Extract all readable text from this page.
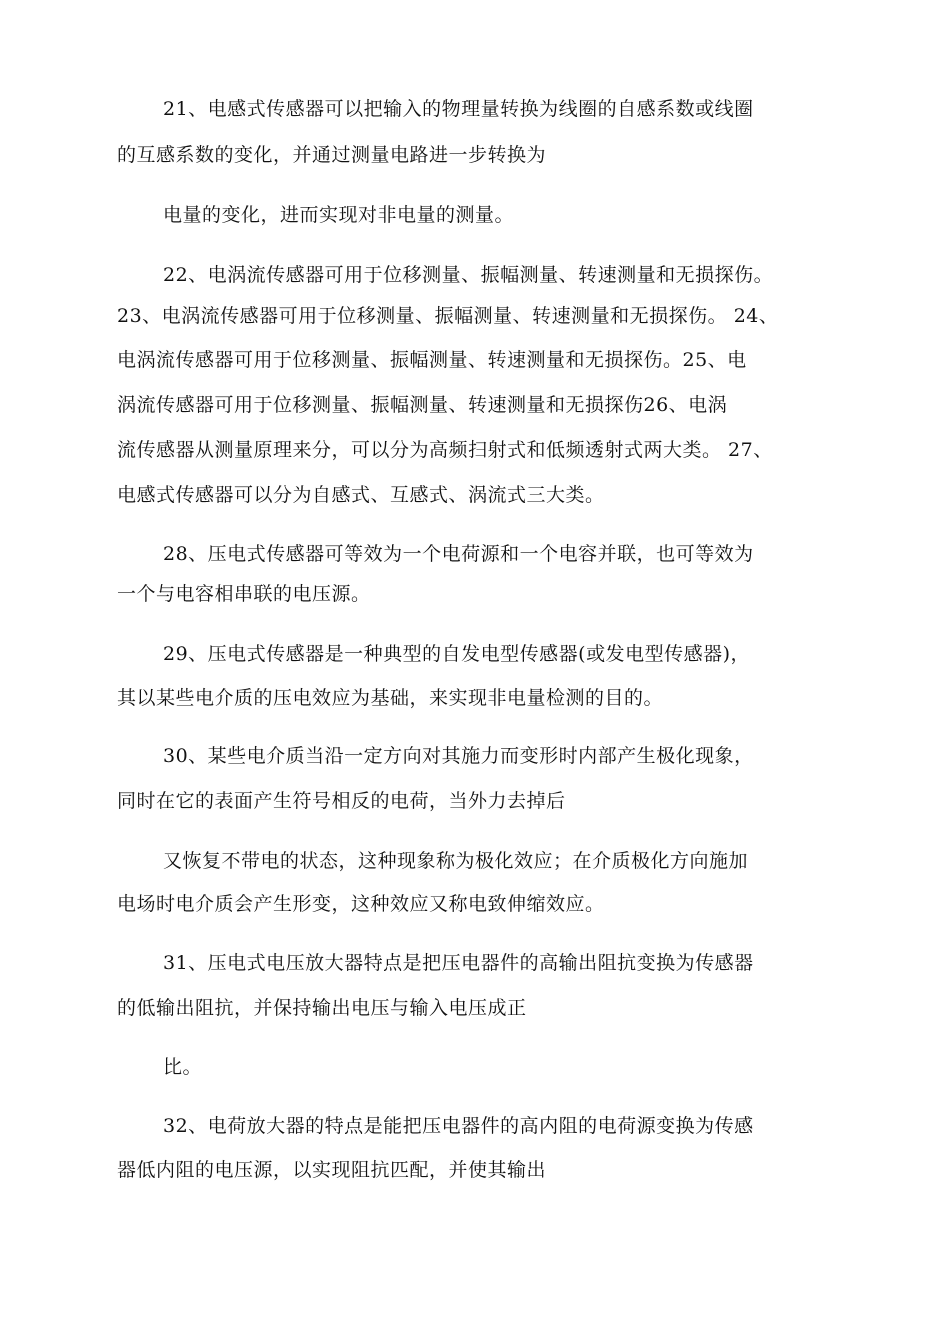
21、电感式传感器可以把输入的物理量转换为线圈的自感系数或线圈
的互感系数的变化，并通过测量电路进一步转换为
电量的变化，进而实现对非电量的测量。
22、电涡流传感器可用于位移测量、振幅测量、转速测量和无损探伤。
23、电涡流传感器可用于位移测量、振幅测量、转速测量和无损探伤。 24、
电涡流传感器可用于位移测量、振幅测量、转速测量和无损探伤。25、电
涡流传感器可用于位移测量、振幅测量、转速测量和无损探伤26、电涡
流传感器从测量原理来分，可以分为高频扫射式和低频透射式两大类。 27、
电感式传感器可以分为自感式、互感式、涡流式三大类。
28、压电式传感器可等效为一个电荷源和一个电容并联，也可等效为
一个与电容相串联的电压源。
29、压电式传感器是一种典型的自发电型传感器(或发电型传感器)，
其以某些电介质的压电效应为基础，来实现非电量检测的目的。
30、某些电介质当沿一定方向对其施力而变形时内部产生极化现象，
同时在它的表面产生符号相反的电荷，当外力去掉后
又恢复不带电的状态，这种现象称为极化效应；在介质极化方向施加
电场时电介质会产生形变，这种效应又称电致伸缩效应。
31、压电式电压放大器特点是把压电器件的高输出阻抗变换为传感器
的低输出阻抗，并保持输出电压与输入电压成正
比。
32、电荷放大器的特点是能把压电器件的高内阻的电荷源变换为传感
器低内阻的电压源，以实现阻抗匹配，并使其输出
